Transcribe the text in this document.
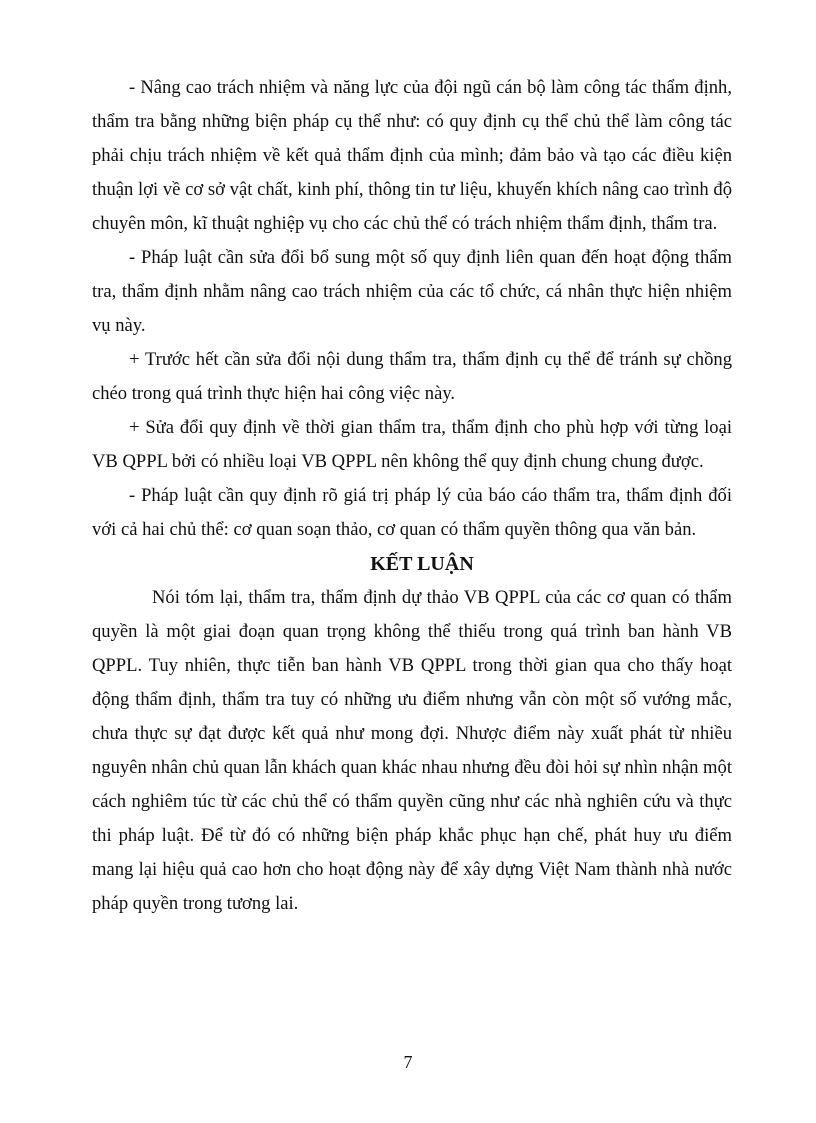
- Nâng cao trách nhiệm và năng lực của đội ngũ cán bộ làm công tác thẩm định, thẩm tra bằng những biện pháp cụ thể như: có quy định cụ thể chủ thể làm công tác phải chịu trách nhiệm về kết quả thẩm định của mình; đảm bảo và tạo các điều kiện thuận lợi về cơ sở vật chất, kinh phí, thông tin tư liệu, khuyến khích nâng cao trình độ chuyên môn, kĩ thuật nghiệp vụ cho các chủ thể có trách nhiệm thẩm định, thẩm tra.

- Pháp luật cần sửa đổi bổ sung một số quy định liên quan đến hoạt động thẩm tra, thẩm định nhằm nâng cao trách nhiệm của các tổ chức, cá nhân thực hiện nhiệm vụ này.

+ Trước hết cần sửa đổi nội dung thẩm tra, thẩm định cụ thể để tránh sự chồng chéo trong quá trình thực hiện hai công việc này.

+ Sửa đổi quy định về thời gian thẩm tra, thẩm định cho phù hợp với từng loại VB QPPL bởi có nhiều loại VB QPPL nên không thể quy định chung chung được.

- Pháp luật cần quy định rõ giá trị pháp lý của báo cáo thẩm tra, thẩm định đối với cả hai chủ thể: cơ quan soạn thảo, cơ quan có thẩm quyền thông qua văn bản.

KẾT LUẬN

Nói tóm lại, thẩm tra, thẩm định dự thảo VB QPPL của các cơ quan có thẩm quyền là một giai đoạn quan trọng không thể thiếu trong quá trình ban hành VB QPPL. Tuy nhiên, thực tiễn ban hành VB QPPL trong thời gian qua cho thấy hoạt động thẩm định, thẩm tra tuy có những ưu điểm nhưng vẫn còn một số vướng mắc, chưa thực sự đạt được kết quả như mong đợi. Nhược điểm này xuất phát từ nhiều nguyên nhân chủ quan lẫn khách quan khác nhau nhưng đều đòi hỏi sự nhìn nhận một cách nghiêm túc từ các chủ thể có thẩm quyền cũng như các nhà nghiên cứu và thực thi pháp luật. Để từ đó có những biện pháp khắc phục hạn chế, phát huy ưu điểm mang lại hiệu quả cao hơn cho hoạt động này để xây dựng Việt Nam thành nhà nước pháp quyền trong tương lai.

7
